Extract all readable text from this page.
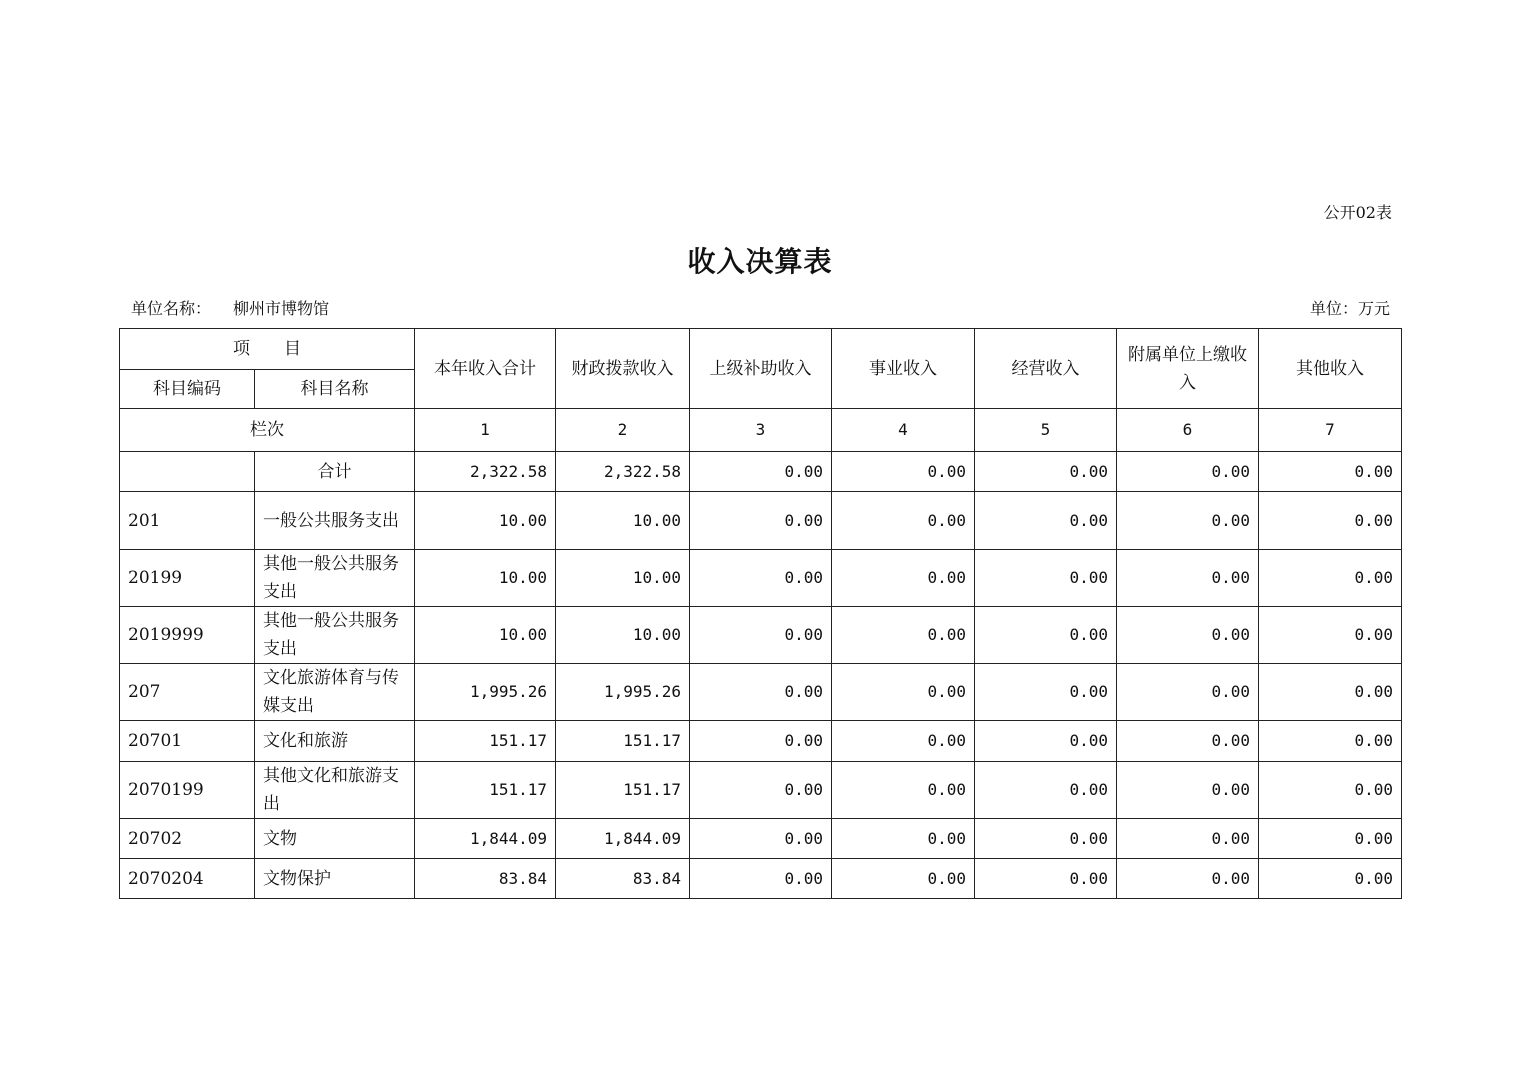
公开02表
收入决算表
单位名称： 柳州市博物馆	单位：万元
项　　目		本年收入合计	财政拨款收入	上级补助收入	事业收入	经营收入	附属单位上缴收入	其他收入
科目编码	科目名称							
栏次		1	2	3	4	5	6	7
	合计	2,322.58	2,322.58	0.00	0.00	0.00	0.00	0.00
201	一般公共服务支出	10.00	10.00	0.00	0.00	0.00	0.00	0.00
20199	其他一般公共服务支出	10.00	10.00	0.00	0.00	0.00	0.00	0.00
2019999	其他一般公共服务支出	10.00	10.00	0.00	0.00	0.00	0.00	0.00
207	文化旅游体育与传媒支出	1,995.26	1,995.26	0.00	0.00	0.00	0.00	0.00
20701	文化和旅游	151.17	151.17	0.00	0.00	0.00	0.00	0.00
2070199	其他文化和旅游支出	151.17	151.17	0.00	0.00	0.00	0.00	0.00
20702	文物	1,844.09	1,844.09	0.00	0.00	0.00	0.00	0.00
2070204	文物保护	83.84	83.84	0.00	0.00	0.00	0.00	0.00
